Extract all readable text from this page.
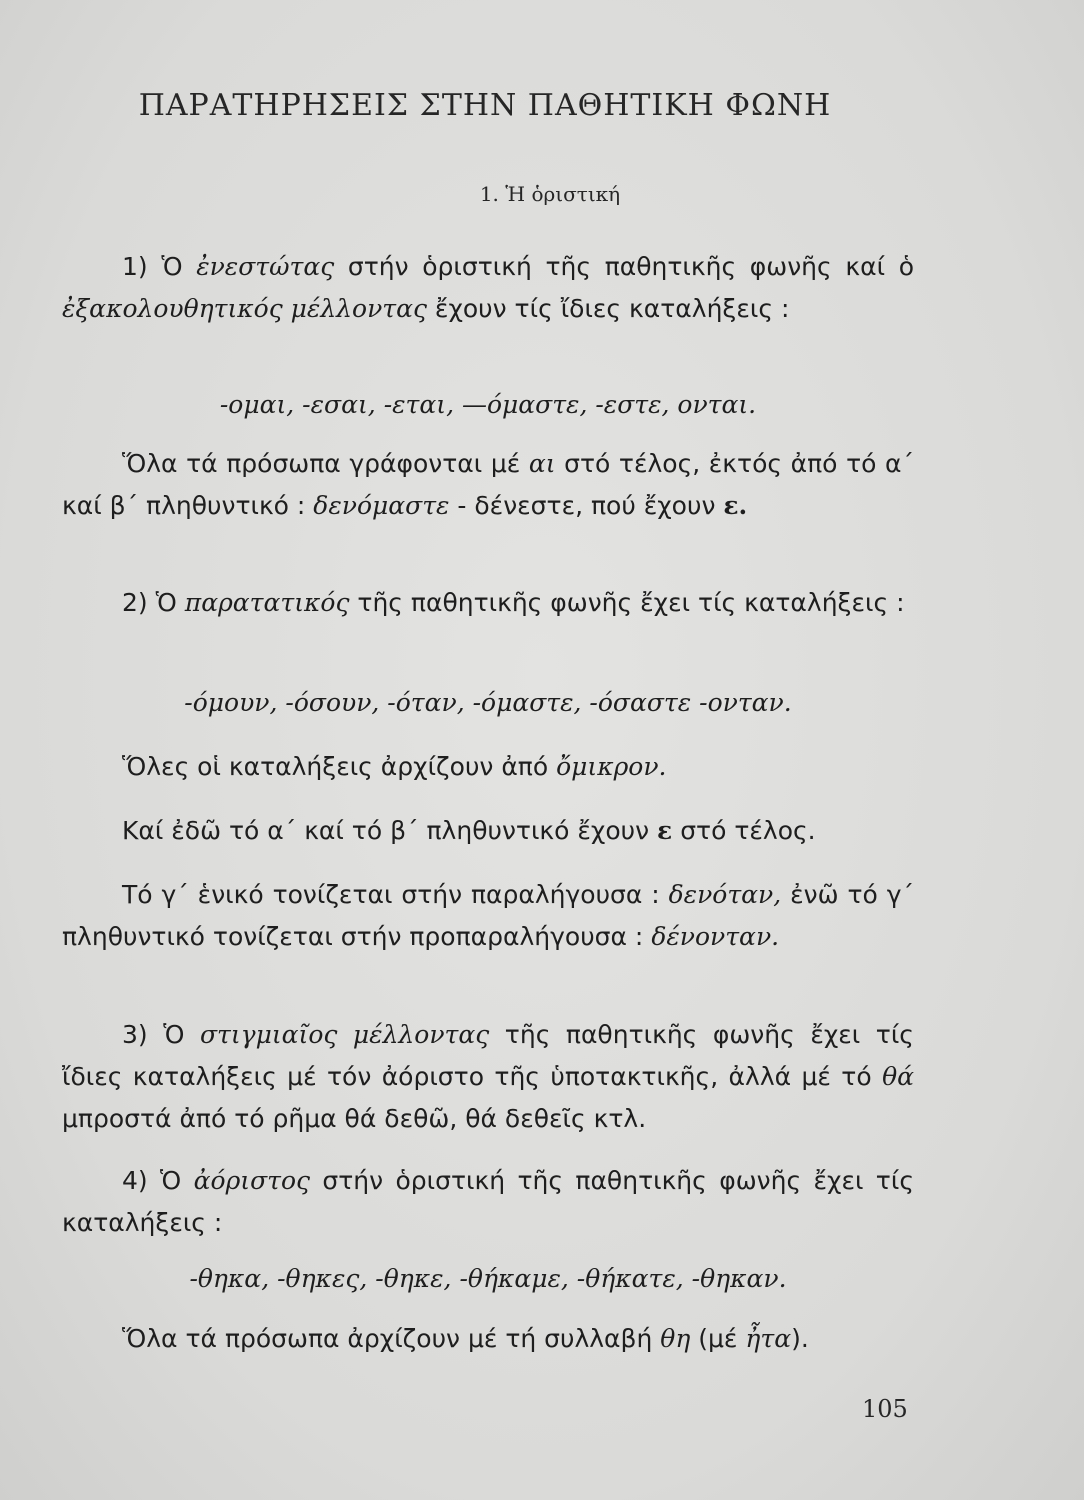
ΠΑΡΑΤΗΡΗΣΕΙΣ ΣΤΗΝ ΠΑΘΗΤΙΚΗ ΦΩΝΗ
1. Ἡ ὁριστική

1) Ὁ ἐνεστώτας στήν ὁριστική τῆς παθητικῆς φωνῆς καί ὁ ἐξακολουθητικός μέλλοντας ἔχουν τίς ἴδιες καταλήξεις :

-ομαι, -εσαι, -εται, —όμαστε, -εστε, ονται.

Ὅλα τά πρόσωπα γράφονται μέ αι στό τέλος, ἐκτός ἀπό τό α΄ καί β΄ πληθυντικό : δενόμαστε - δένεστε, πού ἔχουν ε.

2) Ὁ παρατατικός τῆς παθητικῆς φωνῆς ἔχει τίς καταλήξεις :

-όμουν, -όσουν, -όταν, -όμαστε, -όσαστε -ονταν.

Ὅλες οἱ καταλήξεις ἀρχίζουν ἀπό ὄμικρον.

Καί ἐδῶ τό α΄ καί τό β΄ πληθυντικό ἔχουν ε στό τέλος.

Τό γ΄ ἑνικό τονίζεται στήν παραλήγουσα : δενόταν, ἐνῶ τό γ΄ πληθυντικό τονίζεται στήν προπαραλήγουσα : δένονταν.

3) Ὁ στιγμιαῖος μέλλοντας τῆς παθητικῆς φωνῆς ἔχει τίς ἴδιες καταλήξεις μέ τόν ἀόριστο τῆς ὑποτακτικῆς, ἀλλά μέ τό θά μπροστά ἀπό τό ρῆμα θά δεθῶ, θά δεθεῖς κτλ.

4) Ὁ ἀόριστος στήν ὁριστική τῆς παθητικῆς φωνῆς ἔχει τίς καταλήξεις :

-θηκα, -θηκες, -θηκε, -θήκαμε, -θήκατε, -θηκαν.

Ὅλα τά πρόσωπα ἀρχίζουν μέ τή συλλαβή θη (μέ ἦτα).

105
